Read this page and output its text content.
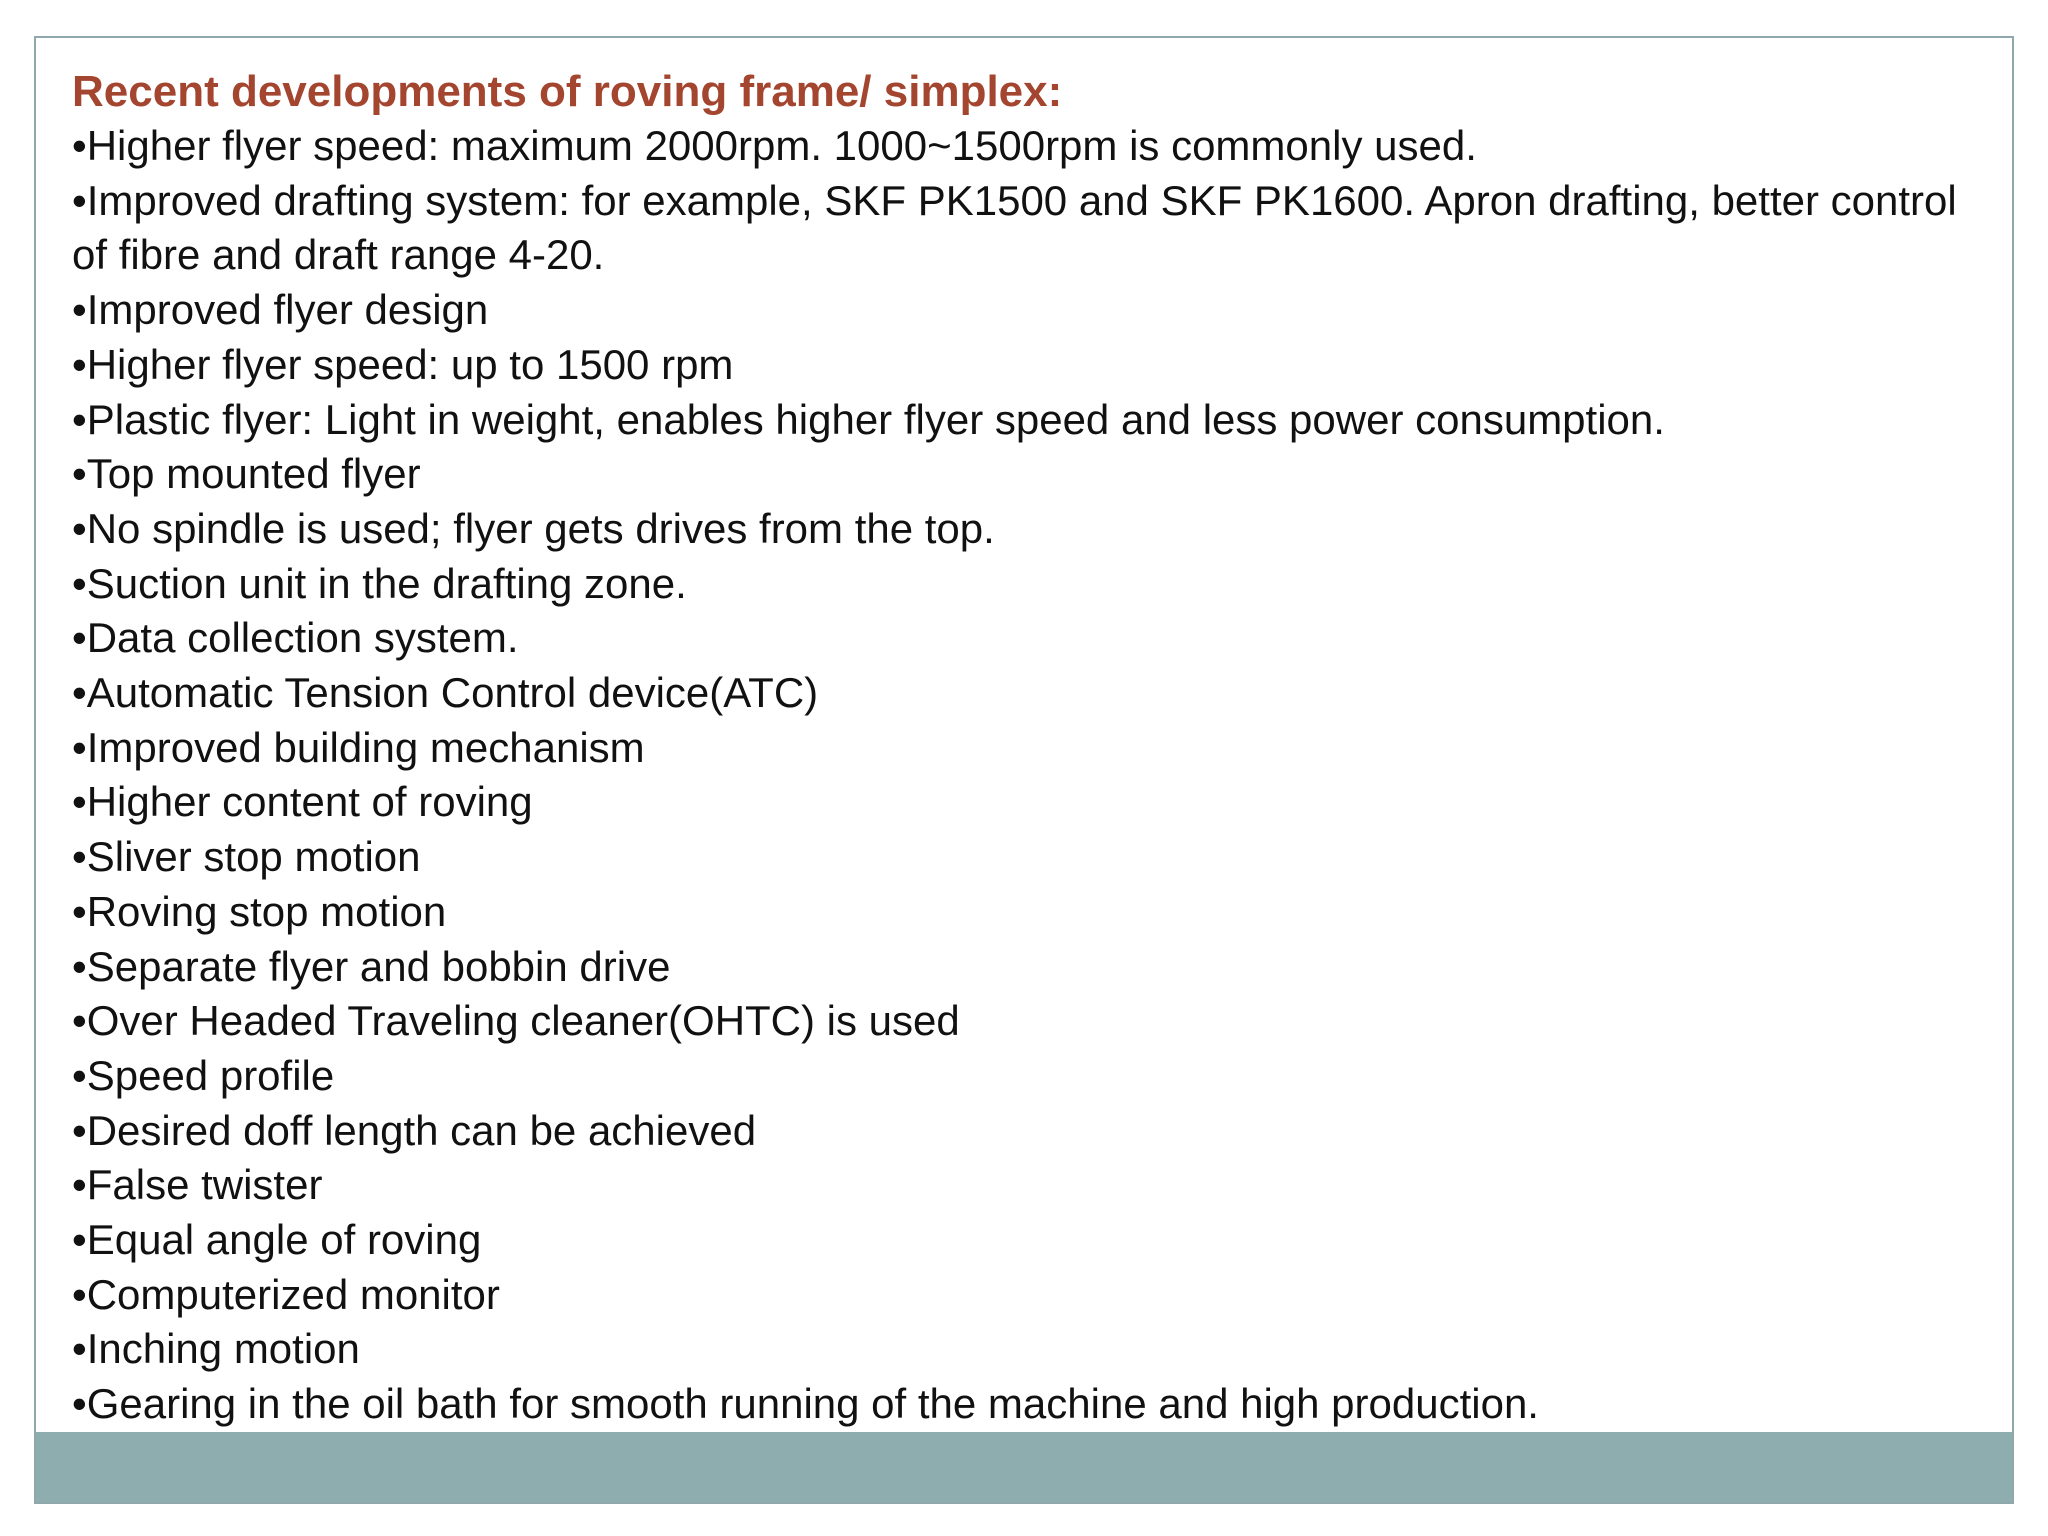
Recent developments of roving frame/ simplex:
•Higher flyer speed: maximum 2000rpm. 1000~1500rpm is commonly used.
•Improved drafting system: for example, SKF PK1500 and SKF PK1600. Apron drafting, better control of fibre and draft range 4-20.
•Improved flyer design
•Higher flyer speed: up to 1500 rpm
•Plastic flyer: Light in weight, enables higher flyer speed and less power consumption.
•Top mounted flyer
•No spindle is used; flyer gets drives from the top.
•Suction unit in the drafting zone.
•Data collection system.
•Automatic Tension Control device(ATC)
•Improved building mechanism
•Higher content of roving
•Sliver stop motion
•Roving stop motion
•Separate flyer and bobbin drive
•Over Headed Traveling cleaner(OHTC) is used
•Speed profile
•Desired doff length can be achieved
•False twister
•Equal angle of roving
•Computerized monitor
•Inching motion
•Gearing in the oil bath for smooth running of the machine and high production.
